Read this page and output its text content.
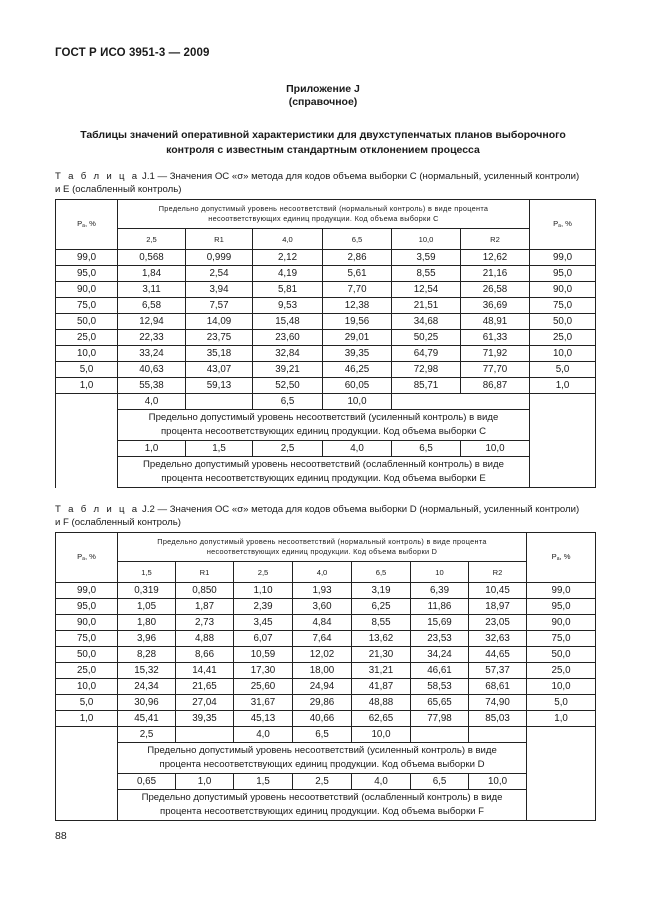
ГОСТ Р ИСО 3951-3 — 2009
Приложение J
(справочное)
Таблицы значений оперативной характеристики для двухступенчатых планов выборочного
контроля с известным стандартным отклонением процесса
Т а б л и ц а J.1 — Значения ОС «σ» метода для кодов объема выборки C (нормальный, усиленный контроли)
и E (ослабленный контроль)
$P_a$, %	Предельно допустимый уровень несоответствий (нормальный контроль) в виде процента
несоответствующих единиц продукции. Код объема выборки C						$P_a$, %
	2,5	R1	4,0	6,5	10,0	R2	
99,0	0,568	0,999	2,12	2,86	3,59	12,62	99,0
95,0	1,84	2,54	4,19	5,61	8,55	21,16	95,0
90,0	3,11	3,94	5,81	7,70	12,54	26,58	90,0
75,0	6,58	7,57	9,53	12,38	21,51	36,69	75,0
50,0	12,94	14,09	15,48	19,56	34,68	48,91	50,0
25,0	22,33	23,75	23,60	29,01	50,25	61,33	25,0
10,0	33,24	35,18	32,84	39,35	64,79	71,92	10,0
5,0	40,63	43,07	39,21	46,25	72,98	77,70	5,0
1,0	55,38	59,13	52,50	60,05	85,71	86,87	1,0
	4,0		6,5	10,0			

	Предельно допустимый уровень несоответствий (усиленный контроль) в виде
процента несоответствующих единиц продукции. Код объема выборки C						

	1,0	1,5	2,5	4,0	6,5	10,0	

	Предельно допустимый уровень несоответствий (ослабленный контроль) в виде
процента несоответствующих единиц продукции. Код объема выборки E						
Т а б л и ц а J.2 — Значения ОС «σ» метода для кодов объема выборки D (нормальный, усиленный контроли)
и F (ослабленный контроль)
$P_a$, %	Предельно допустимый уровень несоответствий (нормальный контроль) в виде процента
несоответствующих единиц продукции. Код объема выборки D							$P_a$, %
	1,5	R1	2,5	4,0	6,5	10	R2	
99,0	0,319	0,850	1,10	1,93	3,19	6,39	10,45	99,0
95,0	1,05	1,87	2,39	3,60	6,25	11,86	18,97	95,0
90,0	1,80	2,73	3,45	4,84	8,55	15,69	23,05	90,0
75,0	3,96	4,88	6,07	7,64	13,62	23,53	32,63	75,0
50,0	8,28	8,66	10,59	12,02	21,30	34,24	44,65	50,0
25,0	15,32	14,41	17,30	18,00	31,21	46,61	57,37	25,0
10,0	24,34	21,65	25,60	24,94	41,87	58,53	68,61	10,0
5,0	30,96	27,04	31,67	29,86	48,88	65,65	74,90	5,0
1,0	45,41	39,35	45,13	40,66	62,65	77,98	85,03	1,0
	2,5		4,0	6,5	10,0			

	Предельно допустимый уровень несоответствий (усиленный контроль) в виде
процента несоответствующих единиц продукции. Код объема выборки D							

	0,65	1,0	1,5	2,5	4,0	6,5	10,0	

	Предельно допустимый уровень несоответствий (ослабленный контроль) в виде
процента несоответствующих единиц продукции. Код объема выборки F							
88
